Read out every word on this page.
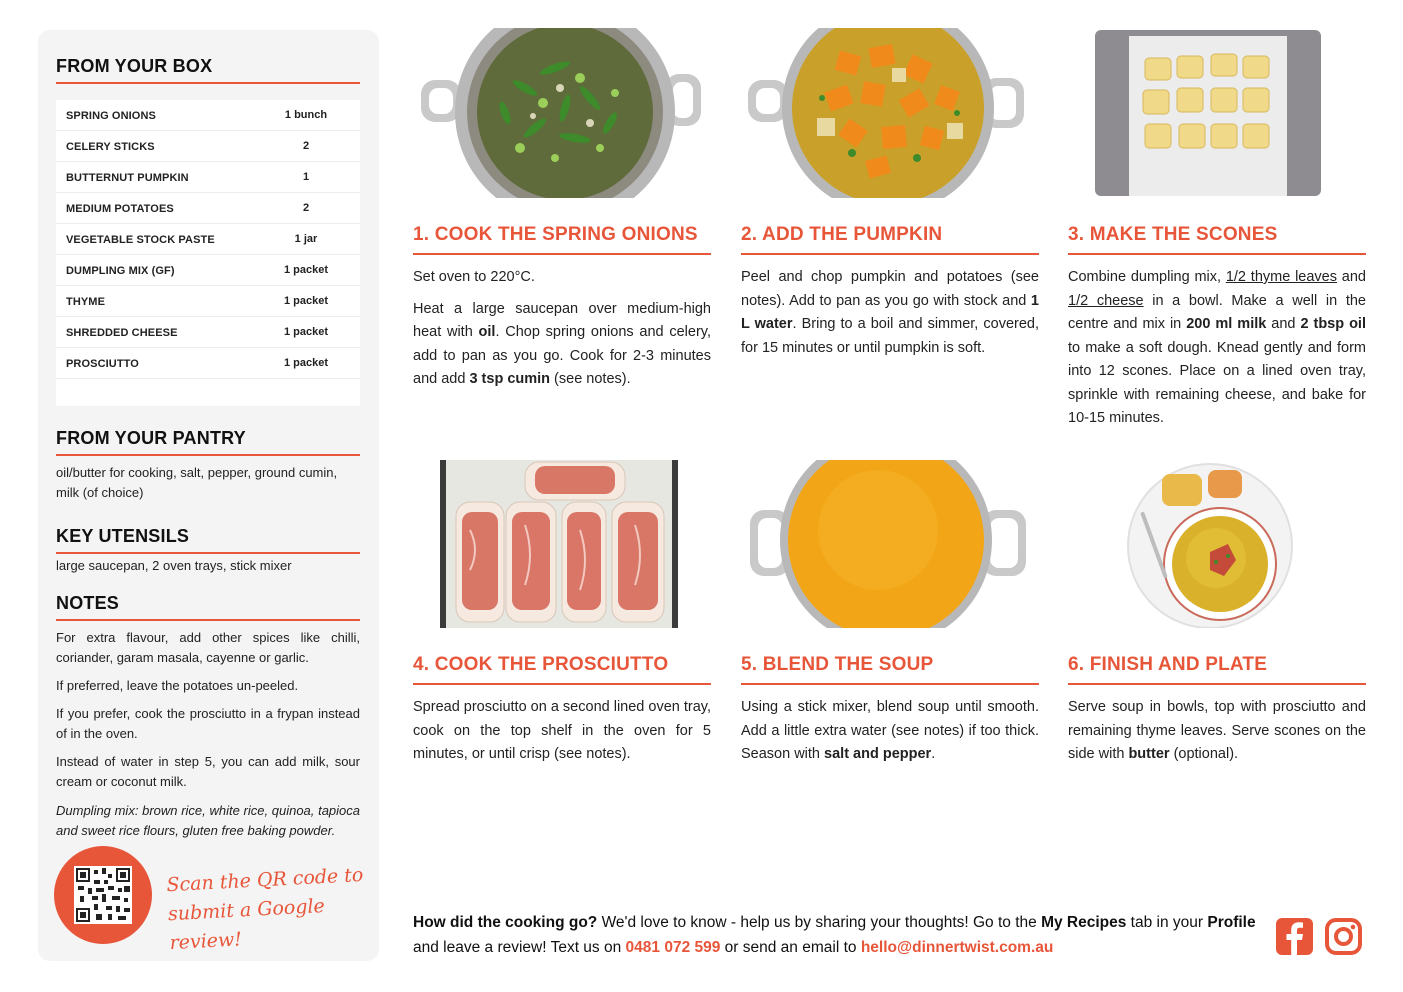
FROM YOUR BOX
SPRING ONIONS	1 bunch
CELERY STICKS	2
BUTTERNUT PUMPKIN	1
MEDIUM POTATOES	2
VEGETABLE STOCK PASTE	1 jar
DUMPLING MIX (GF)	1 packet
THYME	1 packet
SHREDDED CHEESE	1 packet
PROSCIUTTO	1 packet
FROM YOUR PANTRY
oil/butter for cooking, salt, pepper, ground cumin, milk (of choice)
KEY UTENSILS
large saucepan, 2 oven trays, stick mixer
NOTES
For extra flavour, add other spices like chilli, coriander, garam masala, cayenne or garlic.
If preferred, leave the potatoes un-peeled.
If you prefer, cook the prosciutto in a frypan instead of in the oven.
Instead of water in step 5, you can add milk, sour cream or coconut milk.
Dumpling mix: brown rice, white rice, quinoa, tapioca and sweet rice flours, gluten free baking powder.
Scan the QR code to
submit a Google review!
1. COOK THE SPRING ONIONS

Set oven to 220°C.

Heat a large saucepan over medium-high heat with oil. Chop spring onions and celery, add to pan as you go. Cook for 2-3 minutes and add 3 tsp cumin (see notes).

2. ADD THE PUMPKIN

Peel and chop pumpkin and potatoes (see notes). Add to pan as you go with stock and 1 L water. Bring to a boil and simmer, covered, for 15 minutes or until pumpkin is soft.

3. MAKE THE SCONES

Combine dumpling mix, 1/2 thyme leaves and 1/2 cheese in a bowl. Make a well in the centre and mix in 200 ml milk and 2 tbsp oil to make a soft dough. Knead gently and form into 12 scones. Place on a lined oven tray, sprinkle with remaining cheese, and bake for 10-15 minutes.

4. COOK THE PROSCIUTTO

Spread prosciutto on a second lined oven tray, cook on the top shelf in the oven for 5 minutes, or until crisp (see notes).

5. BLEND THE SOUP

Using a stick mixer, blend soup until smooth. Add a little extra water (see notes) if too thick. Season with salt and pepper.

6. FINISH AND PLATE

Serve soup in bowls, top with prosciutto and remaining thyme leaves. Serve scones on the side with butter (optional).

How did the cooking go? We'd love to know - help us by sharing your thoughts! Go to the My Recipes tab in your Profile and leave a review! Text us on 0481 072 599 or send an email to hello@dinnertwist.com.au
